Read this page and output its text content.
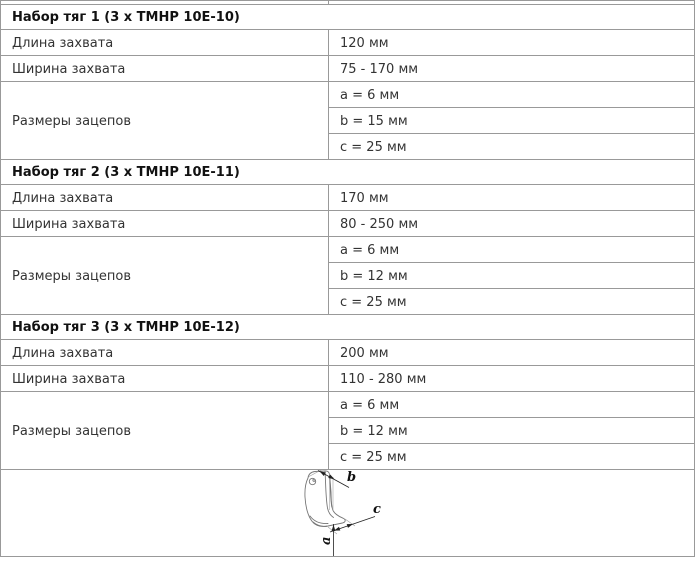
Набор тяг 1 (3 x TMHP 10E-10)	
Длина захвата	120 мм
Ширина захвата	75 - 170 мм
Размеры зацепов	a = 6 мм
	b = 15 мм
	c = 25 мм
Набор тяг 2 (3 x TMHP 10E-11)	
Длина захвата	170 мм
Ширина захвата	80 - 250 мм
Размеры зацепов	a = 6 мм
	b = 12 мм
	c = 25 мм
Набор тяг 3 (3 x TMHP 10E-12)	
Длина захвата	200 мм
Ширина захвата	110 - 280 мм
Размеры зацепов	a = 6 мм
	b = 12 мм
	c = 25 мм

b
c
a	
